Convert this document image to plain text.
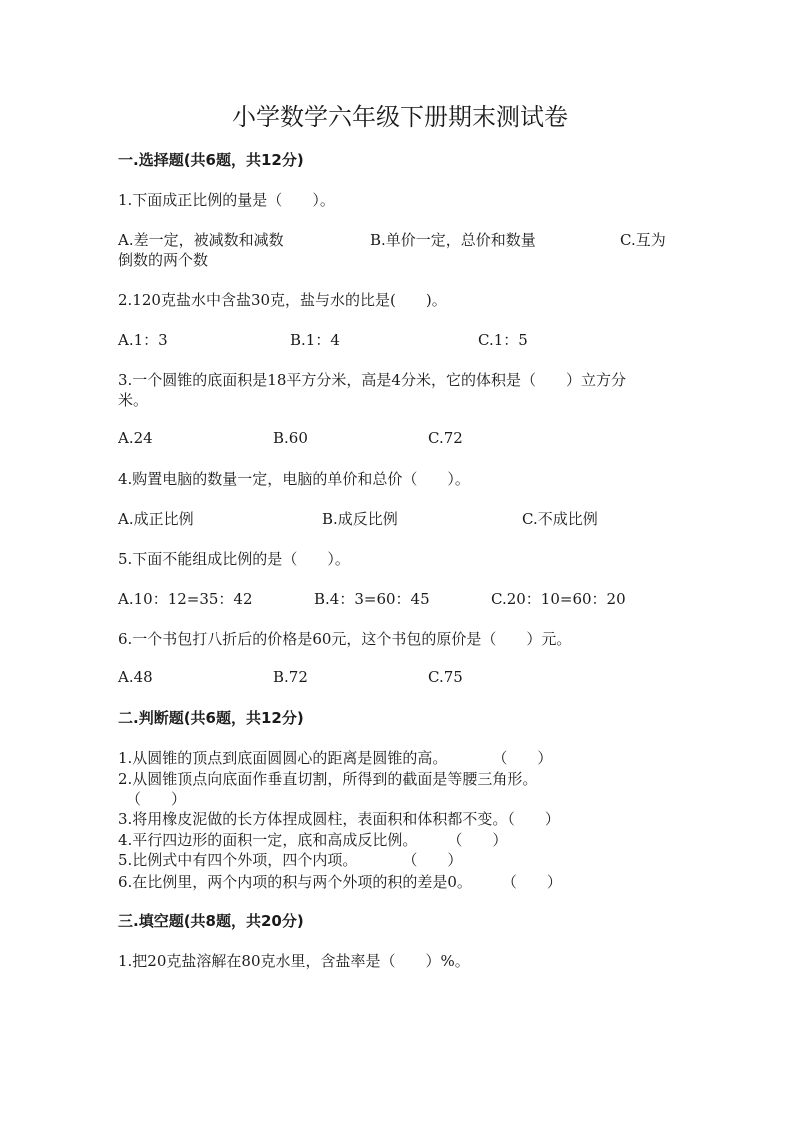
小学数学六年级下册期末测试卷
一.选择题(共6题，共12分)
1.下面成正比例的量是（　　）。
A.差一定，被减数和减数	B.单价一定，总价和数量	C.互为
倒数的两个数
2.120克盐水中含盐30克，盐与水的比是(　　)。
A.1：3	B.1：4	C.1：5
3.一个圆锥的底面积是18平方分米，高是4分米，它的体积是（　　）立方分
米。
A.24	B.60	C.72
4.购置电脑的数量一定，电脑的单价和总价（　　）。
A.成正比例	B.成反比例	C.不成比例
5.下面不能组成比例的是（　　）。
A.10：12=35：42	B.4：3=60：45	C.20：10=60：20
6.一个书包打八折后的价格是60元，这个书包的原价是（　　）元。
A.48	B.72	C.75
二.判断题(共6题，共12分)
1.从圆锥的顶点到底面圆圆心的距离是圆锥的高。　　　　（　　）
2.从圆锥顶点向底面作垂直切割，所得到的截面是等腰三角形。
（　　）
3.将用橡皮泥做的长方体捏成圆柱，表面积和体积都不变。（　　）
4.平行四边形的面积一定，底和高成反比例。　　　（　　）
5.比例式中有四个外项，四个内项。　　　　（　　）
6.在比例里，两个内项的积与两个外项的积的差是0。　　　（　　）
三.填空题(共8题，共20分)
1.把20克盐溶解在80克水里，含盐率是（　　）%。
